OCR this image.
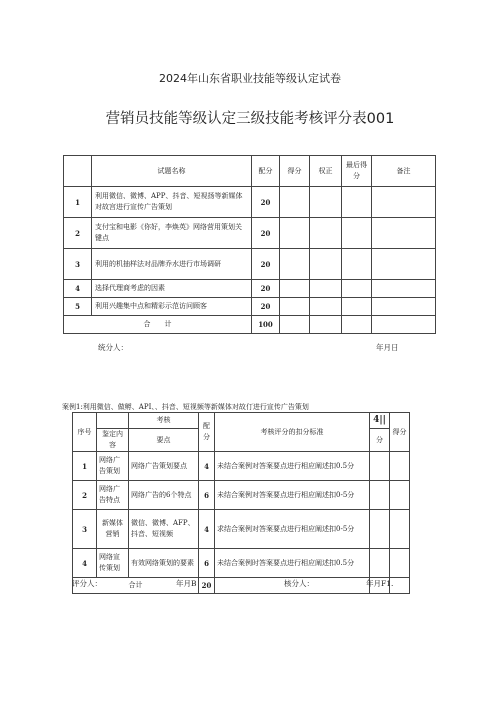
2024年山东省职业技能等级认定试卷
营销员技能等级认定三级技能考核评分表001
	试题名称	配分	得分	权正	最后得分	备注
1	利用微信、微博、APP、抖音、短视扬等新媒体对故宫进行宣传广告策划	20				
2	支付宝和电影《你好，李焕英》网络营用策划关键点	20				
3	利用的机抽样法对品牌乔水进行市场调研	20				
4	选择代理商考虑的因素	20				
5	利用兴趣集中点和精彩示范访问顾客	20				
合　　计		100				
统分人：	年月日
案例1:利用微信、做孵、API、、抖音、短视频等新媒体对故仃进行宣传广告策划
序号		考核	配分	考核评分的扣分标准	4||	得分
	鉴定内容	要点			分	
1	网络广告策划	网络广告策划要点	4	未结合案例对答案要点进行相应阐述扣0.5分		
2	网络广告特点	网络广告的6个特点	6	未结合案例对答案要点进行相应阐述扣0-5分		
3	新媒体营销	微信、微博、AFP、抖音、短视频	4	求结合案例对答案要点进行相应阐述扣0-5分		
4	网络宣传策划	有效网络策划的要素	6	未结合案例时答案要点进行相应阐述扣0.5分		
合计			20			
评分人：	年月B	核分人：	年月F1.
